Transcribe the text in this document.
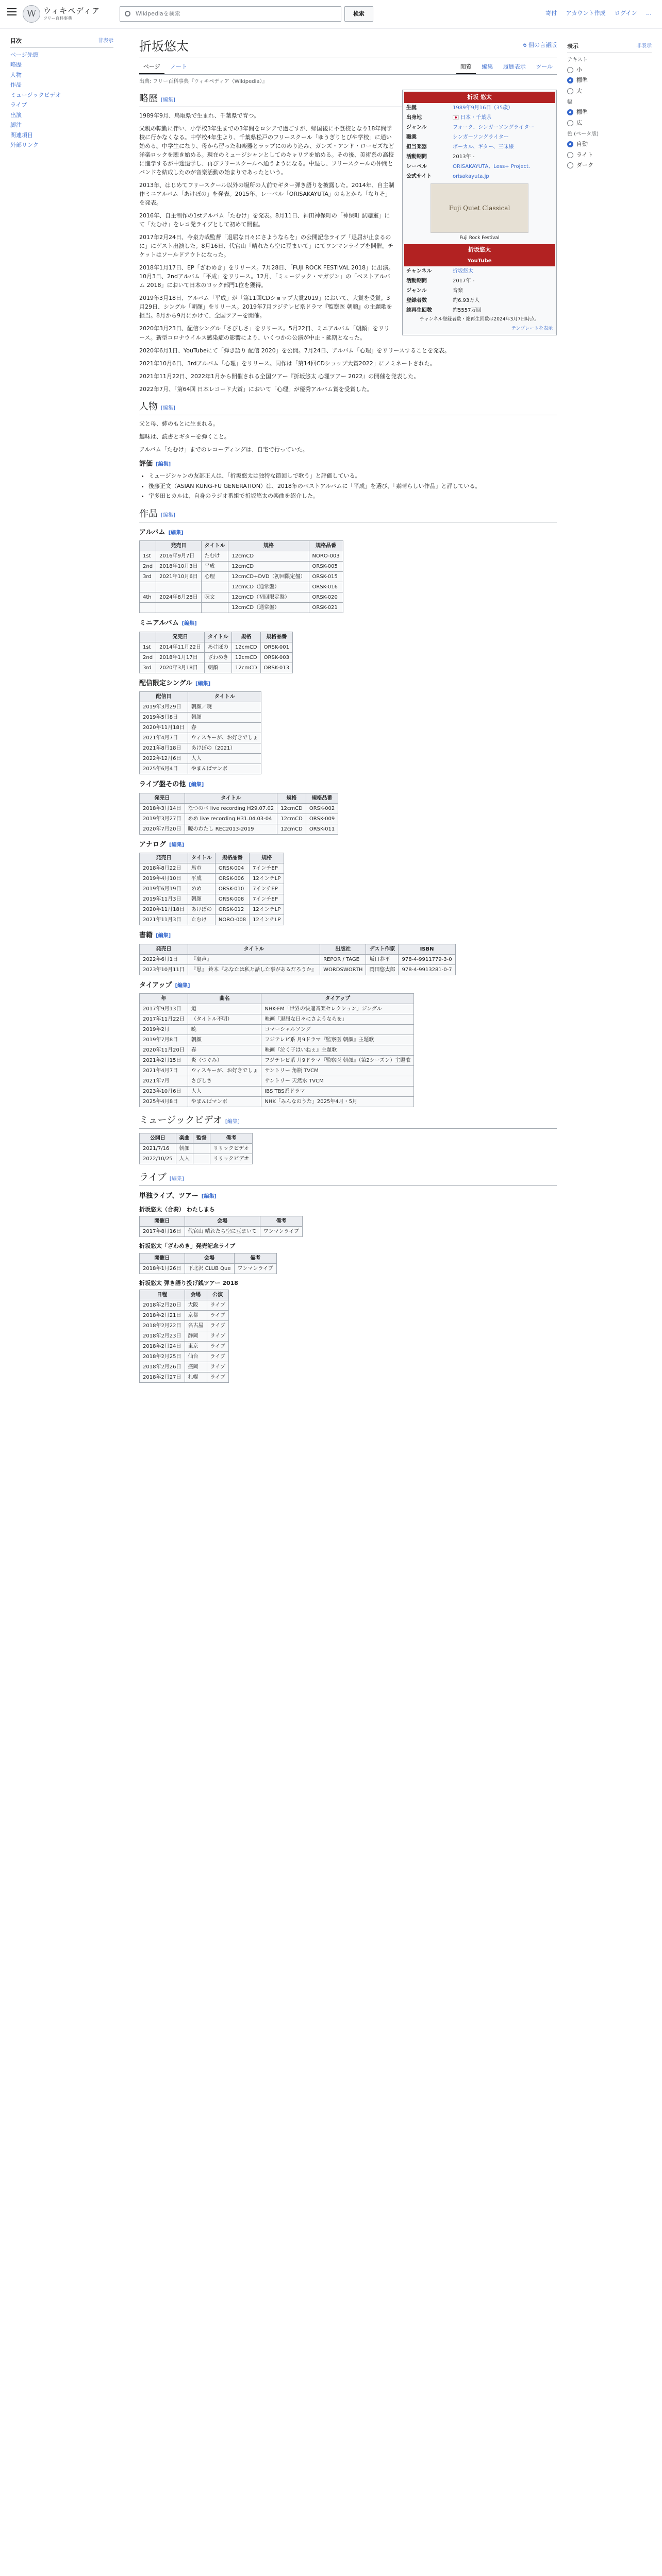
W ウィキペディア
フリー百科事典
Wikipediaを検索	検索	寄付 アカウント作成 ログイン …
目次	非表示
ページ先頭
略歴
人物
作品
ミュージックビデオ
ライブ
出演
脚注
関連項目
外部リンク
表示	非表示
テキスト
小
標準
大
幅
標準
広
色 (ベータ版)
自動
ライト
ダーク
折坂悠太	6 個の言語版
ページ ノート	閲覧 編集 履歴表示 ツール
出典: フリー百科事典『ウィキペディア（Wikipedia）』
折坂 悠太
生誕	1989年9月16日（35歳）
出身地	日本・千葉県
ジャンル	フォーク、シンガーソングライター
職業	シンガーソングライター
担当楽器	ボーカル、ギター、三味線
活動期間	2013年 -
レーベル	ORISAKAYUTA、Less+ Project.
公式サイト	orisakayuta.jp
Fuji Quiet Classical
Fuji Rock Festival
折坂悠太
YouTube
チャンネル	折坂悠太
活動期間	2017年 -
ジャンル	音楽
登録者数	約6.93万人
総再生回数	約5557万回
チャンネル登録者数・総再生回数は2024年3月7日時点。
テンプレートを表示
略歴 [編集]

1989年9月、鳥取県で生まれ、千葉県で育つ。

父親の転勤に伴い、小学校3年生までの3年間をロシアで過ごすが、帰国後に不登校となり18年間学校に行かなくなる。中学校4年生より、千葉県松戸のフリースクール「ゆうぎりとびや学校」に通い始める。中学生になり、母から習った和楽器とラップにのめり込み、ガンズ・アンド・ローゼズなど洋楽ロックを聴き始める。現在のミュージシャンとしてのキャリアを始める。その後、美術系の高校に進学するが中途退学し、再びフリースクールへ通うようになる。中退し、フリースクールの仲間とバンドを結成したのが音楽活動の始まりであったという。

2013年、はじめてフリースクール以外の場所の人前でギター弾き語りを披露した。2014年、自主制作ミニアルバム「あけぼの」を発表。2015年、レーベル「ORISAKAYUTA」のもとから「なりそ」を発表。

2016年、自主制作の1stアルバム「たむけ」を発表。8月11日、神田神保町の「神保町 試聴室」にて「たむけ」をレコ発ライブとして初めて開催。

2017年2月24日、今泉力哉監督「退屈な日々にさようならを」の公開記念ライブ「退屈が止まるのに」にゲスト出演した。8月16日、代官山「晴れたら空に豆まいて」にてワンマンライブを開催。チケットはソールドアウトになった。

2018年1月17日、EP「ざわめき」をリリース。7月28日、「FUJI ROCK FESTIVAL 2018」に出演。10月3日、2ndアルバム「平成」をリリース。12月、「ミュージック・マガジン」の「ベストアルバム 2018」において日本のロック部門1位を獲得。

2019年3月18日、アルバム「平成」が「第11回CDショップ大賞2019」において、大賞を受賞。3月29日、シングル「朝顔」をリリース。2019年7月フジテレビ系ドラマ『監察医 朝顔』の主題歌を担当。8月から9月にかけて、全国ツアーを開催。

2020年3月23日、配信シングル「さびしさ」をリリース。5月22日、ミニアルバム「朝顔」をリリース。新型コロナウイルス感染症の影響により、いくつかの公演が中止・延期となった。

2020年6月1日、YouTubeにて「弾き語り 配信 2020」を公開。7月24日、アルバム「心理」をリリースすることを発表。

2021年10月6日、3rdアルバム「心理」をリリース。同作は「第14回CDショップ大賞2022」にノミネートされた。

2021年11月22日、2022年1月から開催される全国ツアー『折坂悠太 心理ツアー 2022』の開催を発表した。

2022年7月、「第64回 日本レコード大賞」において「心理」が優秀アルバム賞を受賞した。

人物 [編集]

父と母、姉のもとに生まれる。

趣味は、読書とギターを弾くこと。

アルバム「たむけ」までのレコーディングは、自宅で行っていた。

評価 [編集]
• ミュージシャンの友部正人は、「折坂悠太は独特な節回しで歌う」と評価している。
• 後藤正文（ASIAN KUNG-FU GENERATION）は、2018年のベストアルバムに「平成」を選び、「素晴らしい作品」と評している。
• 宇多田ヒカルは、自身のラジオ番組で折坂悠太の楽曲を紹介した。
作品 [編集]
アルバム [編集]
	発売日	タイトル	規格	規格品番
1st	2016年9月7日	たむけ	12cmCD	NORO-003
2nd	2018年10月3日	平成	12cmCD	ORSK-005
3rd	2021年10月6日	心理	12cmCD+DVD（初回限定盤）	ORSK-015
			12cmCD（通常盤）	ORSK-016
4th	2024年8月28日	呪文	12cmCD（初回限定盤）	ORSK-020
			12cmCD（通常盤）	ORSK-021
ミニアルバム [編集]
	発売日	タイトル	規格	規格品番
1st	2014年11月22日	あけぼの	12cmCD	ORSK-001
2nd	2018年1月17日	ざわめき	12cmCD	ORSK-003
3rd	2020年3月18日	朝顔	12cmCD	ORSK-013
配信限定シングル [編集]
配信日	タイトル
2019年3月29日	朝顔／暁
2019年5月8日	朝顔
2020年11月18日	春
2021年4月7日	ウィスキーが、お好きでしょ
2021年8月18日	あけぼの（2021）
2022年12月6日	人人
2025年6月4日	やまんばマンボ
ライブ盤その他 [編集]
発売日	タイトル	規格	規格品番
2018年3月14日	なつのべ live recording H29.07.02	12cmCD	ORSK-002
2019年3月27日	めめ live recording H31.04.03-04	12cmCD	ORSK-009
2020年7月20日	暁のわたし REC2013-2019	12cmCD	ORSK-011
アナログ [編集]
発売日	タイトル	規格品番	規格
2018年8月22日	馬市	ORSK-004	7インチEP
2019年4月10日	平成	ORSK-006	12インチLP
2019年6月19日	めめ	ORSK-010	7インチEP
2019年11月3日	朝顔	ORSK-008	7インチEP
2020年11月18日	あけぼの	ORSK-012	12インチLP
2021年11月3日	たむけ	NORO-008	12インチLP
書籍 [編集]
発売日	タイトル	出版社	デスト作家	ISBN
2022年6月1日	『裏声』	REPOR / TAGE	坂口恭平	978-4-9911779-3-0
2023年10月11日	『思』 鈴木『あなたは私と話した事があるだろうか』	WORDSWORTH	岡田悠太郎	978-4-9913281-0-7
タイアップ [編集]
年	曲名	タイアップ
2017年9月13日	道	NHK-FM「世界の快適音楽セレクション」ジングル
2017年11月22日	（タイトル不明）	映画「退屈な日々にさようならを」
2019年2月	暁	コマーシャルソング
2019年7月8日	朝顔	フジテレビ系 月9ドラマ『監察医 朝顔』主題歌
2020年11月20日	春	映画『泣く子はいねぇ』主題歌
2021年2月15日	炎（つぐみ）	フジテレビ系 月9ドラマ『監察医 朝顔』（第2シーズン）主題歌
2021年4月7日	ウィスキーが、お好きでしょ	サントリー 角瓶 TVCM
2021年7月	さびしさ	サントリー 天然水 TVCM
2023年10月6日	人人	IBS TBS系ドラマ
2025年4月8日	やまんばマンボ	NHK「みんなのうた」2025年4月・5月
ミュージックビデオ [編集]
公開日	楽曲	監督	備考
2021/7/16	朝顔		リリックビデオ
2022/10/25	人人		リリックビデオ
ライブ [編集]
単独ライブ、ツアー [編集]
折坂悠太（合奏） わたしまち
開催日	会場	備考
2017年8月16日	代官山 晴れたら空に豆まいて	ワンマンライブ
折坂悠太「ざわめき」発売記念ライブ
開催日	会場	備考
2018年1月26日	下北沢 CLUB Que	ワンマンライブ
折坂悠太 弾き語り投げ銭ツアー 2018
日程	会場	公演
2018年2月20日	大阪	ライブ
2018年2月21日	京都	ライブ
2018年2月22日	名古屋	ライブ
2018年2月23日	静岡	ライブ
2018年2月24日	東京	ライブ
2018年2月25日	仙台	ライブ
2018年2月26日	盛岡	ライブ
2018年2月27日	札幌	ライブ
